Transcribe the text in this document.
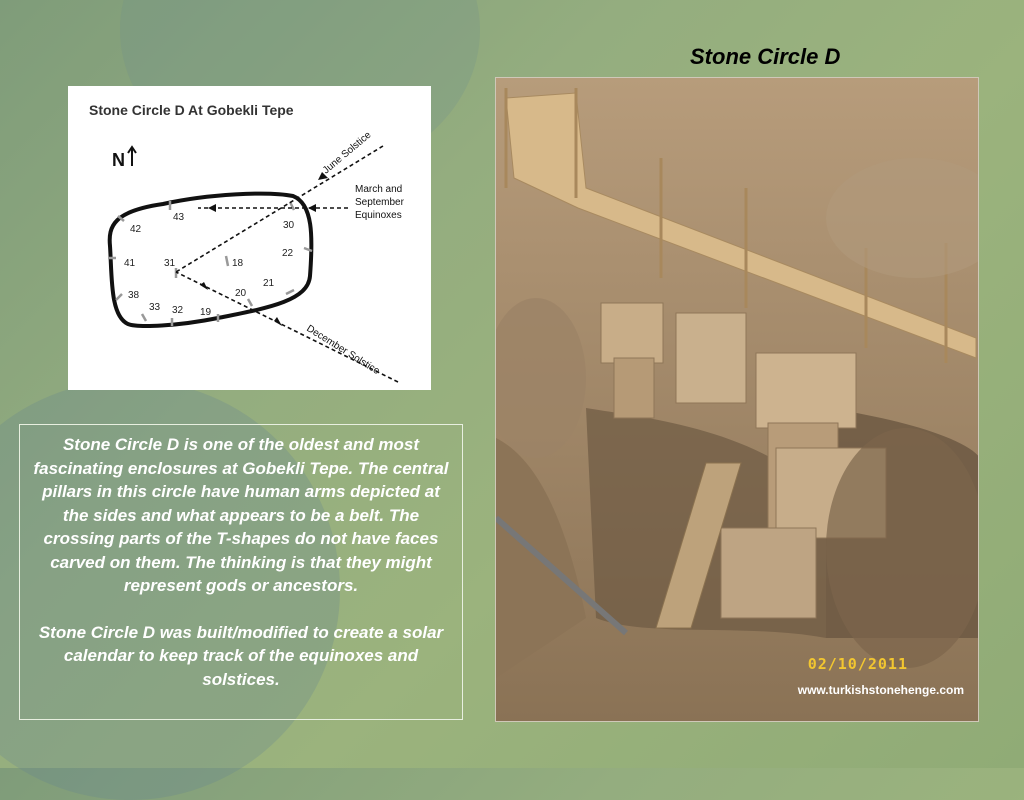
Stone Circle D
Stone Circle D At Gobekli Tepe
N
43
30
42
22
41	31	18
21
38	20
33 32 19
June Solstice
March and
September
Equinoxes
December Solstice

Stone Circle D is one of the oldest and most fascinating enclosures at Gobekli Tepe. The central pillars in this circle have human arms depicted at the sides and what appears to be a belt. The crossing parts of the T-shapes do not have faces carved on them. The thinking is that they might represent gods or ancestors.

Stone Circle D was built/modified to create a solar calendar to keep track of the equinoxes and solstices.

02/10/2011
www.turkishstonehenge.com
